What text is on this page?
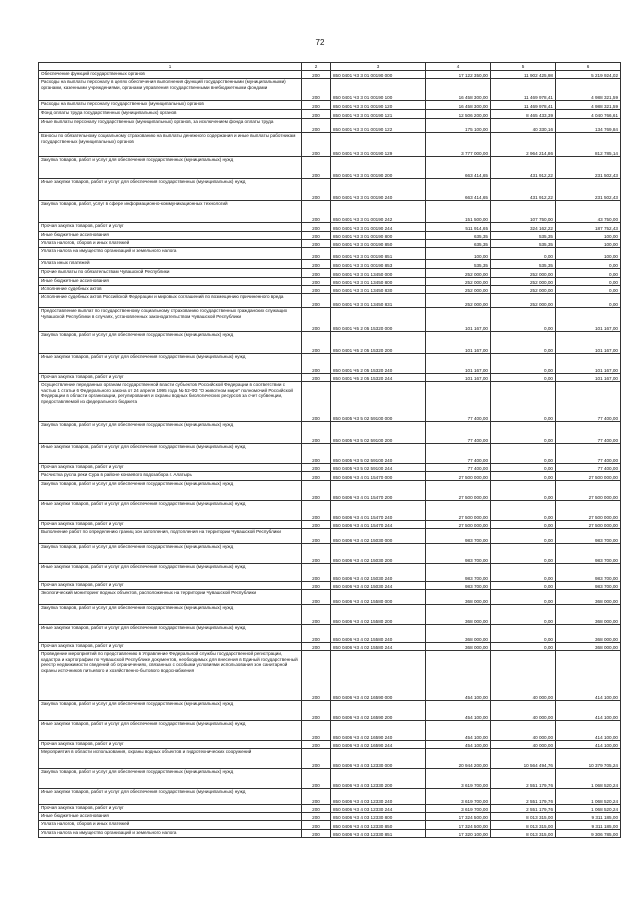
72
1	2	3	4	5	6
Обеспечение функций государственных органов	200	850 0401 Ч3 3 01 00190 000	17 122 350,00	11 902 425,98	5 219 924,02
Расходы на выплаты персоналу в целях обеспечения выполнения функций государственными (муниципальными) органами, казенными учреждениями, органами управления государственными внебюджетными фондами	200	850 0401 Ч3 3 01 00190 100	16 458 300,00	11 469 978,41	4 988 321,59
Расходы на выплаты персоналу государственных (муниципальных) органов	200	850 0401 Ч3 3 01 00190 120	16 458 300,00	11 469 978,41	4 988 321,59
Фонд оплаты труда государственных (муниципальных) органов	200	850 0401 Ч3 3 01 00190 121	12 506 200,00	8 465 433,39	4 040 766,61
Иные выплаты персоналу государственных (муниципальных) органов, за исключением фонда оплаты труда	200	850 0401 Ч3 3 01 00190 122	175 100,00	40 330,16	134 769,84
Взносы по обязательному социальному страхованию на выплаты денежного содержания и иные выплаты работникам государственных (муниципальных) органов	200	850 0401 Ч3 3 01 00190 129	3 777 000,00	2 964 214,86	812 785,14
Закупка товаров, работ и услуг для обеспечения государственных (муниципальных) нужд	200	850 0401 Ч3 3 01 00190 200	663 414,65	431 912,22	231 502,43
Иные закупки товаров, работ и услуг для обеспечения государственных (муниципальных) нужд	200	850 0401 Ч3 3 01 00190 240	663 414,65	431 912,22	231 502,43
Закупка товаров, работ, услуг в сфере информационно-коммуникационных технологий	200	850 0401 Ч3 3 01 00190 242	151 500,00	107 750,00	43 750,00
Прочая закупка товаров, работ и услуг	200	850 0401 Ч3 3 01 00190 244	511 914,65	324 162,22	187 752,43
Иные бюджетные ассигнования	200	850 0401 Ч3 3 01 00190 800	635,35	535,35	100,00
Уплата налогов, сборов и иных платежей	200	850 0401 Ч3 3 01 00190 850	635,35	535,35	100,00
Уплата налога на имущество организаций и земельного налога	200	850 0401 Ч3 3 01 00190 851	100,00	0,00	100,00
Уплата иных платежей	200	850 0401 Ч3 3 01 00190 853	535,35	535,35	0,00
Прочие выплаты по обязательствам Чувашской Республики	200	850 0401 Ч3 3 01 13450 000	252 000,00	252 000,00	0,00
Иные бюджетные ассигнования	200	850 0401 Ч3 3 01 13450 800	252 000,00	252 000,00	0,00
Исполнение судебных актов	200	850 0401 Ч3 3 01 13450 830	252 000,00	252 000,00	0,00
Исполнение судебных актов Российской Федерации и мировых соглашений по возмещению причиненного вреда	200	850 0401 Ч3 3 01 13450 831	252 000,00	252 000,00	0,00
Предоставление выплат по государственному социальному страхованию государственных гражданских служащих Чувашской Республики в случаях, установленных законодательством Чувашской Республики	200	850 0401 Ч5 2 05 15320 000	101 167,00	0,00	101 167,00
Закупка товаров, работ и услуг для обеспечения государственных (муниципальных) нужд	200	850 0401 Ч5 2 05 15320 200	101 167,00	0,00	101 167,00
Иные закупки товаров, работ и услуг для обеспечения государственных (муниципальных) нужд	200	850 0401 Ч5 2 05 15320 240	101 167,00	0,00	101 167,00
Прочая закупка товаров, работ и услуг	200	850 0401 Ч5 2 05 15320 244	101 167,00	0,00	101 167,00
Осуществление переданных органам государственной власти субъектов Российской Федерации в соответствии с частью 1 статьи 6 Федерального закона от 24 апреля 1995 года № 52-ФЗ "О животном мире" полномочий Российской Федерации в области организации, регулирования и охраны водных биологических ресурсов за счет субвенции, предоставляемой из федерального бюджета	200	850 0405 Ч3 5 02 59100 000	77 400,00	0,00	77 400,00
Закупка товаров, работ и услуг для обеспечения государственных (муниципальных) нужд	200	850 0405 Ч3 5 02 59100 200	77 400,00	0,00	77 400,00
Иные закупки товаров, работ и услуг для обеспечения государственных (муниципальных) нужд	200	850 0405 Ч3 5 02 59100 240	77 400,00	0,00	77 400,00
Прочая закупка товаров, работ и услуг	200	850 0405 Ч3 5 02 59100 244	77 400,00	0,00	77 400,00
Расчистка русла реки Сура в районе конаевого водозабора г. Алатырь	200	850 0406 Ч3 4 01 15470 000	27 500 000,00	0,00	27 500 000,00
Закупка товаров, работ и услуг для обеспечения государственных (муниципальных) нужд	200	850 0406 Ч3 4 01 15470 200	27 500 000,00	0,00	27 500 000,00
Иные закупки товаров, работ и услуг для обеспечения государственных (муниципальных) нужд	200	850 0406 Ч3 4 01 15470 240	27 500 000,00	0,00	27 500 000,00
Прочая закупка товаров, работ и услуг	200	850 0406 Ч3 4 01 15470 244	27 500 000,00	0,00	27 500 000,00
Выполнение работ по определению границ зон затопления, подтопления на территории Чувашской Республики	200	850 0406 Ч3 4 02 15030 000	983 700,00	0,00	983 700,00
Закупка товаров, работ и услуг для обеспечения государственных (муниципальных) нужд	200	850 0406 Ч3 4 02 15030 200	983 700,00	0,00	983 700,00
Иные закупки товаров, работ и услуг для обеспечения государственных (муниципальных) нужд	200	850 0406 Ч3 4 02 15030 240	983 700,00	0,00	983 700,00
Прочая закупка товаров, работ и услуг	200	850 0406 Ч3 4 02 15030 244	983 700,00	0,00	983 700,00
Экологический мониторинг водных объектов, расположенных на территории Чувашской Республики	200	850 0406 Ч3 4 02 15580 000	368 000,00	0,00	368 000,00
Закупка товаров, работ и услуг для обеспечения государственных (муниципальных) нужд	200	850 0406 Ч3 4 02 15580 200	368 000,00	0,00	368 000,00
Иные закупки товаров, работ и услуг для обеспечения государственных (муниципальных) нужд	200	850 0406 Ч3 4 02 15580 240	368 000,00	0,00	368 000,00
Прочая закупка товаров, работ и услуг	200	850 0406 Ч3 4 02 15580 244	368 000,00	0,00	368 000,00
Проведение мероприятий по представлению в Управление Федеральной службы государственной регистрации, кадастра и картографии по Чувашской Республике документов, необходимых для внесения в Единый государственный реестр недвижимости сведений об ограничениях, связанных с особыми условиями использования зон санитарной охраны источников питьевого и хозяйственно-бытового водоснабжения	200	850 0406 Ч3 4 02 16590 000	454 100,00	40 000,00	414 100,00
Закупка товаров, работ и услуг для обеспечения государственных (муниципальных) нужд	200	850 0406 Ч3 4 02 16590 200	454 100,00	40 000,00	414 100,00
Иные закупки товаров, работ и услуг для обеспечения государственных (муниципальных) нужд	200	850 0406 Ч3 4 02 16590 240	454 100,00	40 000,00	414 100,00
Прочая закупка товаров, работ и услуг	200	850 0406 Ч3 4 02 16590 244	454 100,00	40 000,00	414 100,00
Мероприятия в области использования, охраны водных объектов и гидротехнических сооружений	200	850 0406 Ч3 4 03 12330 000	20 944 200,00	10 564 494,76	10 379 705,24
Закупка товаров, работ и услуг для обеспечения государственных (муниципальных) нужд	200	850 0406 Ч3 4 03 12330 200	3 619 700,00	2 551 179,76	1 068 520,24
Иные закупки товаров, работ и услуг для обеспечения государственных (муниципальных) нужд	200	850 0406 Ч3 4 03 12330 240	3 619 700,00	2 551 179,76	1 068 520,24
Прочая закупка товаров, работ и услуг	200	850 0406 Ч3 4 03 12330 244	3 619 700,00	2 551 179,76	1 068 520,24
Иные бюджетные ассигнования	200	850 0406 Ч3 4 03 12330 800	17 324 500,00	8 013 315,00	9 311 185,00
Уплата налогов, сборов и иных платежей	200	850 0406 Ч3 4 03 12330 850	17 324 500,00	8 013 315,00	9 311 185,00
Уплата налога на имущество организаций и земельного налога	200	850 0406 Ч3 4 03 12330 851	17 320 100,00	8 013 315,00	9 306 785,00
